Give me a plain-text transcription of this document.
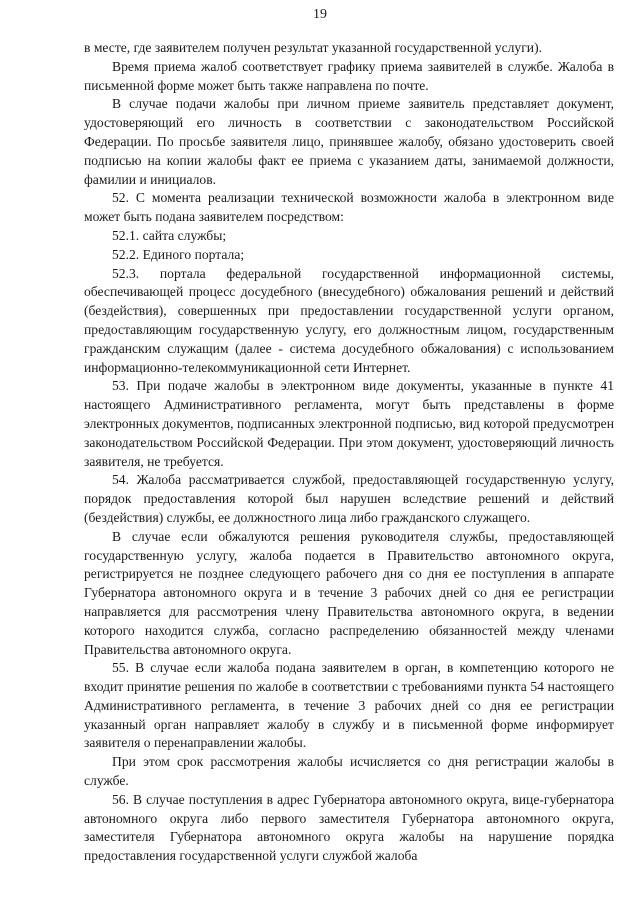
19

в месте, где заявителем получен результат указанной государственной услуги).

Время приема жалоб соответствует графику приема заявителей в службе. Жалоба в письменной форме может быть также направлена по почте.

В случае подачи жалобы при личном приеме заявитель представляет документ, удостоверяющий его личность в соответствии с законодательством Российской Федерации. По просьбе заявителя лицо, принявшее жалобу, обязано удостоверить своей подписью на копии жалобы факт ее приема с указанием даты, занимаемой должности, фамилии и инициалов.

52. С момента реализации технической возможности жалоба в электронном виде может быть подана заявителем посредством:

52.1. сайта службы;

52.2. Единого портала;

52.3. портала федеральной государственной информационной системы, обеспечивающей процесс досудебного (внесудебного) обжалования решений и действий (бездействия), совершенных при предоставлении государственной услуги органом, предоставляющим государственную услугу, его должностным лицом, государственным гражданским служащим (далее - система досудебного обжалования) с использованием информационно-телекоммуникационной сети Интернет.

53. При подаче жалобы в электронном виде документы, указанные в пункте 41 настоящего Административного регламента, могут быть представлены в форме электронных документов, подписанных электронной подписью, вид которой предусмотрен законодательством Российской Федерации. При этом документ, удостоверяющий личность заявителя, не требуется.

54. Жалоба рассматривается службой, предоставляющей государственную услугу, порядок предоставления которой был нарушен вследствие решений и действий (бездействия) службы, ее должностного лица либо гражданского служащего.

В случае если обжалуются решения руководителя службы, предоставляющей государственную услугу, жалоба подается в Правительство автономного округа, регистрируется не позднее следующего рабочего дня со дня ее поступления в аппарате Губернатора автономного округа и в течение 3 рабочих дней со дня ее регистрации направляется для рассмотрения члену Правительства автономного округа, в ведении которого находится служба, согласно распределению обязанностей между членами Правительства автономного округа.

55. В случае если жалоба подана заявителем в орган, в компетенцию которого не входит принятие решения по жалобе в соответствии с требованиями пункта 54 настоящего Административного регламента, в течение 3 рабочих дней со дня ее регистрации указанный орган направляет жалобу в службу и в письменной форме информирует заявителя о перенаправлении жалобы.

При этом срок рассмотрения жалобы исчисляется со дня регистрации жалобы в службе.

56. В случае поступления в адрес Губернатора автономного округа, вице-губернатора автономного округа либо первого заместителя Губернатора автономного округа, заместителя Губернатора автономного округа жалобы на нарушение порядка предоставления государственной услуги службой жалоба
